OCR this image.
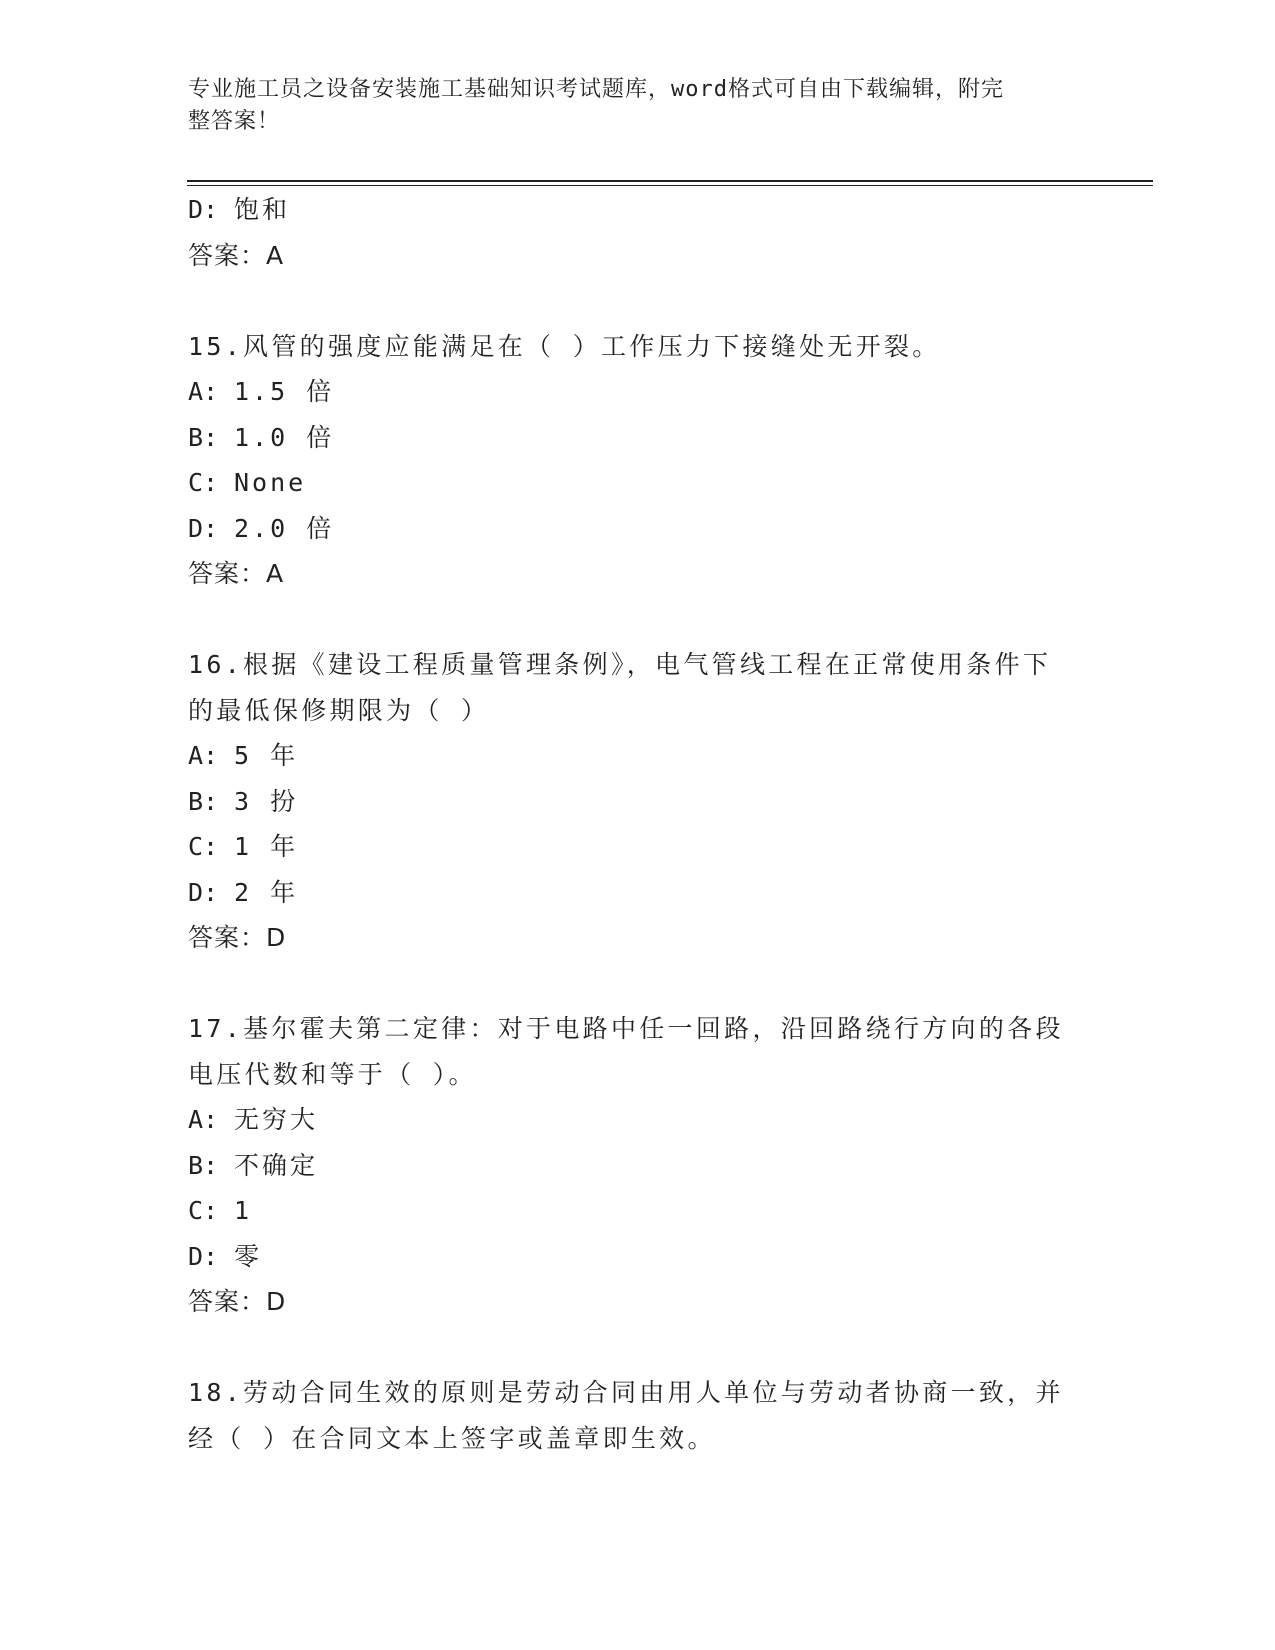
专业施工员之设备安装施工基础知识考试题库，word格式可自由下载编辑，附完
整答案！
D: 饱和
答案：A
15.风管的强度应能满足在（ ）工作压力下接缝处无开裂。
A: 1.5 倍
B: 1.0 倍
C: None
D: 2.0 倍
答案：A
16.根据《建设工程质量管理条例》，电气管线工程在正常使用条件下
的最低保修期限为（ ）
A: 5 年
B: 3 扮
C: 1 年
D: 2 年
答案：D
17.基尔霍夫第二定律：对于电路中任一回路，沿回路绕行方向的各段
电压代数和等于（ ）。
A: 无穷大
B: 不确定
C: 1
D: 零
答案：D
18.劳动合同生效的原则是劳动合同由用人单位与劳动者协商一致，并
经（ ）在合同文本上签字或盖章即生效。
